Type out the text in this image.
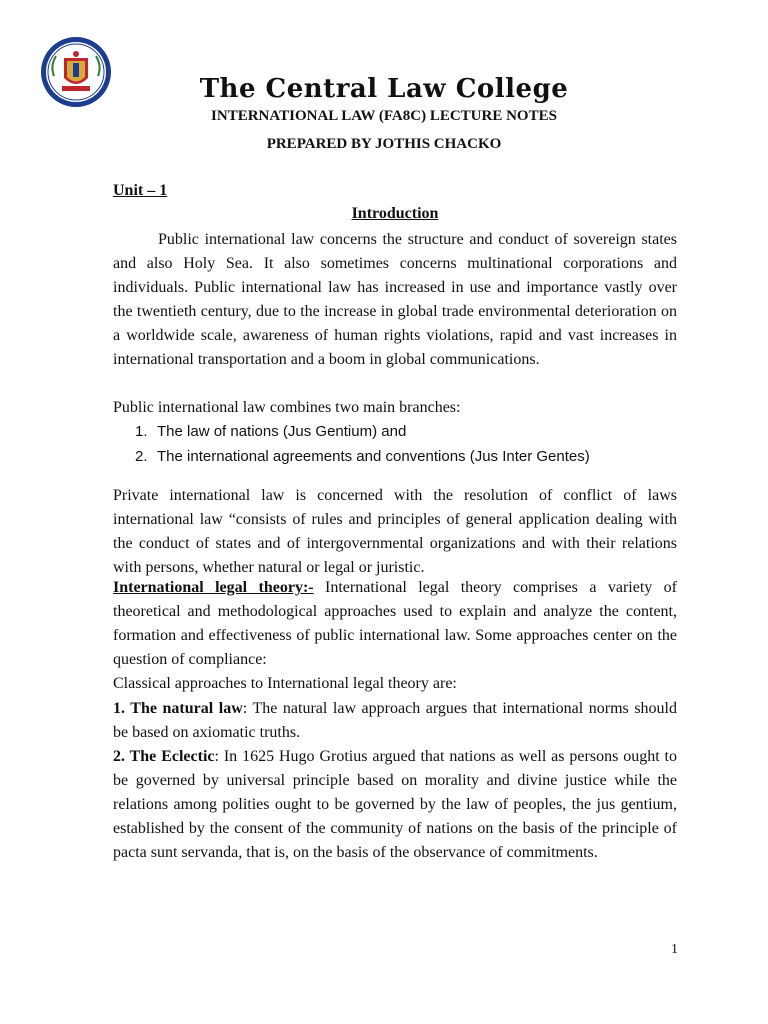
The Central Law College
INTERNATIONAL LAW (FA8C) LECTURE NOTES
PREPARED BY JOTHIS CHACKO
Unit – 1
Introduction
Public international law concerns the structure and conduct of sovereign states and also Holy Sea. It also sometimes concerns multinational corporations and individuals. Public international law has increased in use and importance vastly over the twentieth century, due to the increase in global trade environmental deterioration on a worldwide scale, awareness of human rights violations, rapid and vast increases in international transportation and a boom in global communications.
Public international law combines two main branches:
1. The law of nations (Jus Gentium) and
2. The international agreements and conventions (Jus Inter Gentes)
Private international law is concerned with the resolution of conflict of laws international law “consists of rules and principles of general application dealing with the conduct of states and of intergovernmental organizations and with their relations with persons, whether natural or legal or juristic.
International legal theory:- International legal theory comprises a variety of theoretical and methodological approaches used to explain and analyze the content, formation and effectiveness of public international law. Some approaches center on the question of compliance:
Classical approaches to International legal theory are:
1. The natural law: The natural law approach argues that international norms should be based on axiomatic truths.
2. The Eclectic: In 1625 Hugo Grotius argued that nations as well as persons ought to be governed by universal principle based on morality and divine justice while the relations among polities ought to be governed by the law of peoples, the jus gentium, established by the consent of the community of nations on the basis of the principle of pacta sunt servanda, that is, on the basis of the observance of commitments.
1
